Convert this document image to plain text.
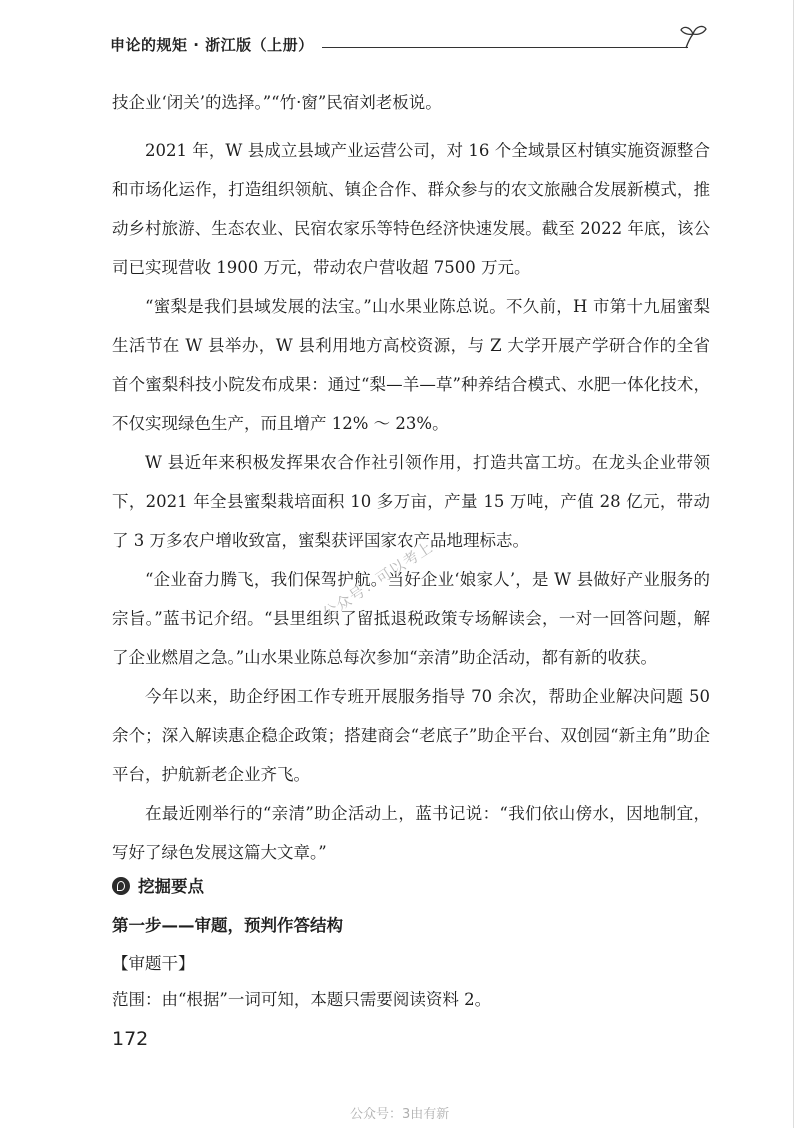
申论的规矩 · 浙江版（上册）

技企业‘闭关’的选择。”“竹·窗”民宿刘老板说。

2021 年，W 县成立县域产业运营公司，对 16 个全域景区村镇实施资源整合和市场化运作，打造组织领航、镇企合作、群众参与的农文旅融合发展新模式，推动乡村旅游、生态农业、民宿农家乐等特色经济快速发展。截至 2022 年底，该公司已实现营收 1900 万元，带动农户营收超 7500 万元。

“蜜梨是我们县域发展的法宝。”山水果业陈总说。不久前，H 市第十九届蜜梨生活节在 W 县举办，W 县利用地方高校资源，与 Z 大学开展产学研合作的全省首个蜜梨科技小院发布成果：通过“梨—羊—草”种养结合模式、水肥一体化技术，不仅实现绿色生产，而且增产 12% ～ 23%。

W 县近年来积极发挥果农合作社引领作用，打造共富工坊。在龙头企业带领下，2021 年全县蜜梨栽培面积 10 多万亩，产量 15 万吨，产值 28 亿元，带动了 3 万多农户增收致富，蜜梨获评国家农产品地理标志。

“企业奋力腾飞，我们保驾护航。当好企业‘娘家人’，是 W 县做好产业服务的宗旨。”蓝书记介绍。“县里组织了留抵退税政策专场解读会，一对一回答问题，解了企业燃眉之急。”山水果业陈总每次参加“亲清”助企活动，都有新的收获。

今年以来，助企纾困工作专班开展服务指导 70 余次，帮助企业解决问题 50 余个；深入解读惠企稳企政策；搭建商会“老底子”助企平台、双创园“新主角”助企平台，护航新老企业齐飞。

在最近刚举行的“亲清”助企活动上，蓝书记说：“我们依山傍水，因地制宜，写好了绿色发展这篇大文章。”

挖掘要点
第一步——审题，预判作答结构
【审题干】

范围：由“根据”一词可知，本题只需要阅读资料 2。

172
公众号：可以考上
公众号：3由有新
